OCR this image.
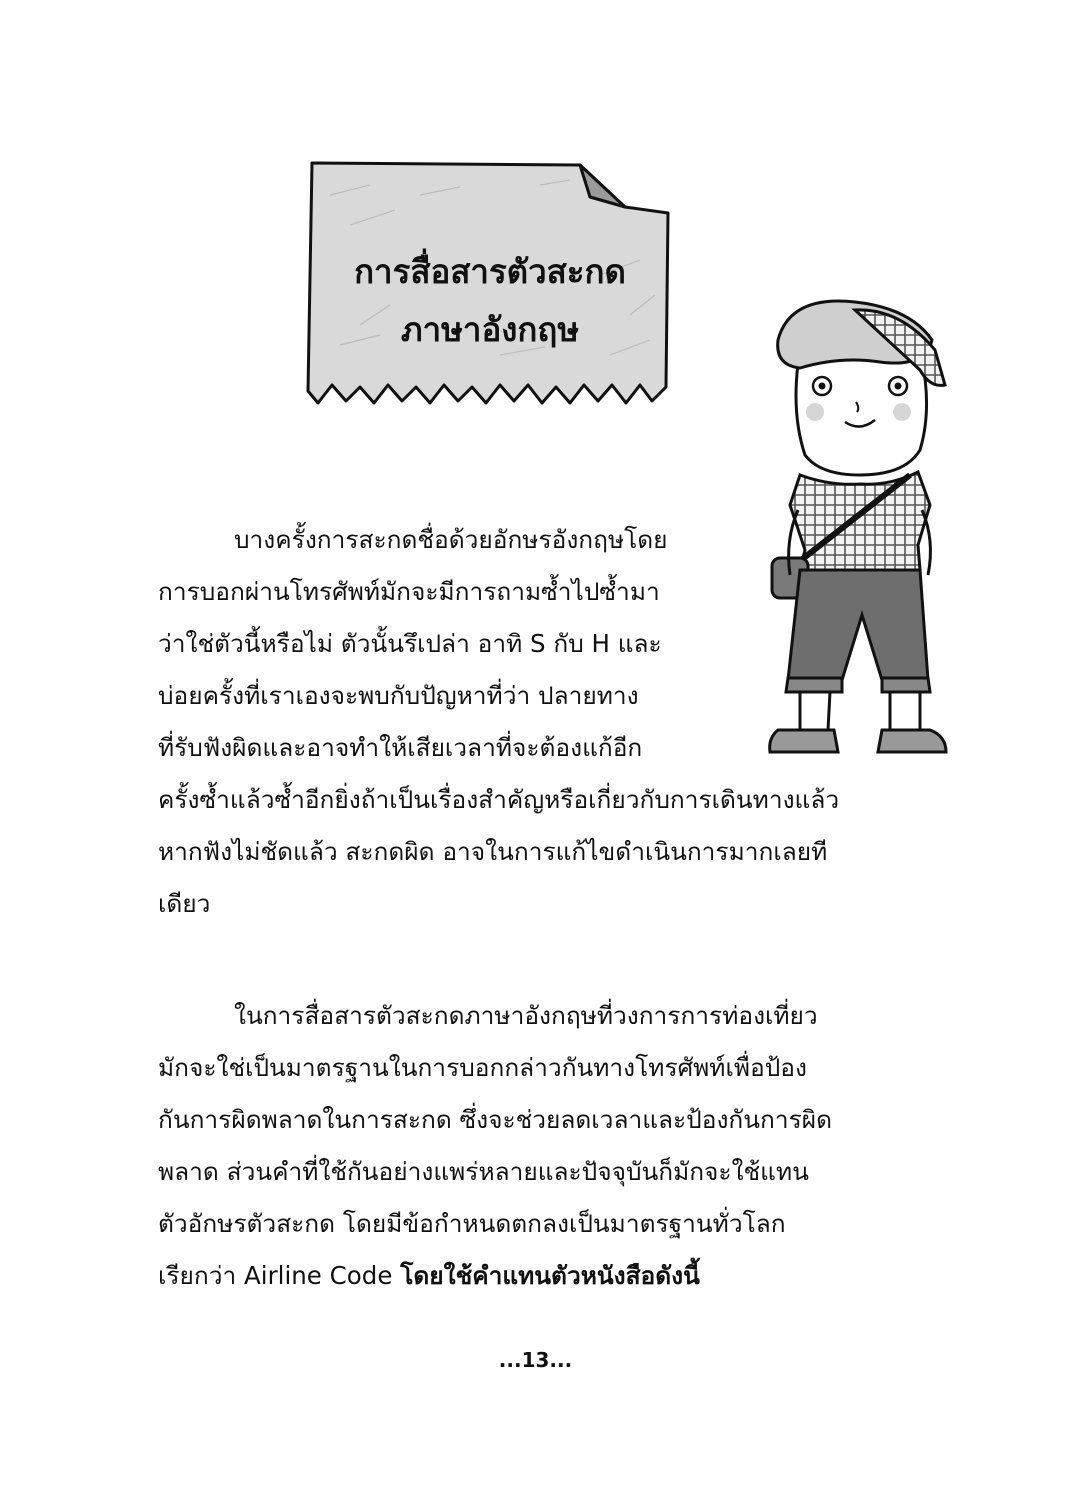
การสื่อสารตัวสะกด
ภาษาอังกฤษ
บางครั้งการสะกดชื่อด้วยอักษรอังกฤษโดย
การบอกผ่านโทรศัพท์มักจะมีการถามซ้ำไปซ้ำมา
ว่าใช่ตัวนี้หรือไม่ ตัวนั้นรึเปล่า อาทิ S กับ H และ
บ่อยครั้งที่เราเองจะพบกับปัญหาที่ว่า ปลายทาง
ที่รับฟังผิดและอาจทำให้เสียเวลาที่จะต้องแก้อีก
ครั้งซ้ำแล้วซ้ำอีกยิ่งถ้าเป็นเรื่องสำคัญหรือเกี่ยวกับการเดินทางแล้ว
หากฟังไม่ชัดแล้ว สะกดผิด อาจในการแก้ไขดำเนินการมากเลยที
เดียว
ในการสื่อสารตัวสะกดภาษาอังกฤษที่วงการการท่องเที่ยว
มักจะใช่เป็นมาตรฐานในการบอกกล่าวกันทางโทรศัพท์เพื่อป้อง
กันการผิดพลาดในการสะกด ซึ่งจะช่วยลดเวลาและป้องกันการผิด
พลาด ส่วนคำที่ใช้กันอย่างแพร่หลายและปัจจุบันก็มักจะใช้แทน
ตัวอักษรตัวสะกด โดยมีข้อกำหนดตกลงเป็นมาตรฐานทั่วโลก
เรียกว่า Airline Code โดยใช้คำแทนตัวหนังสือดังนี้
...13...
